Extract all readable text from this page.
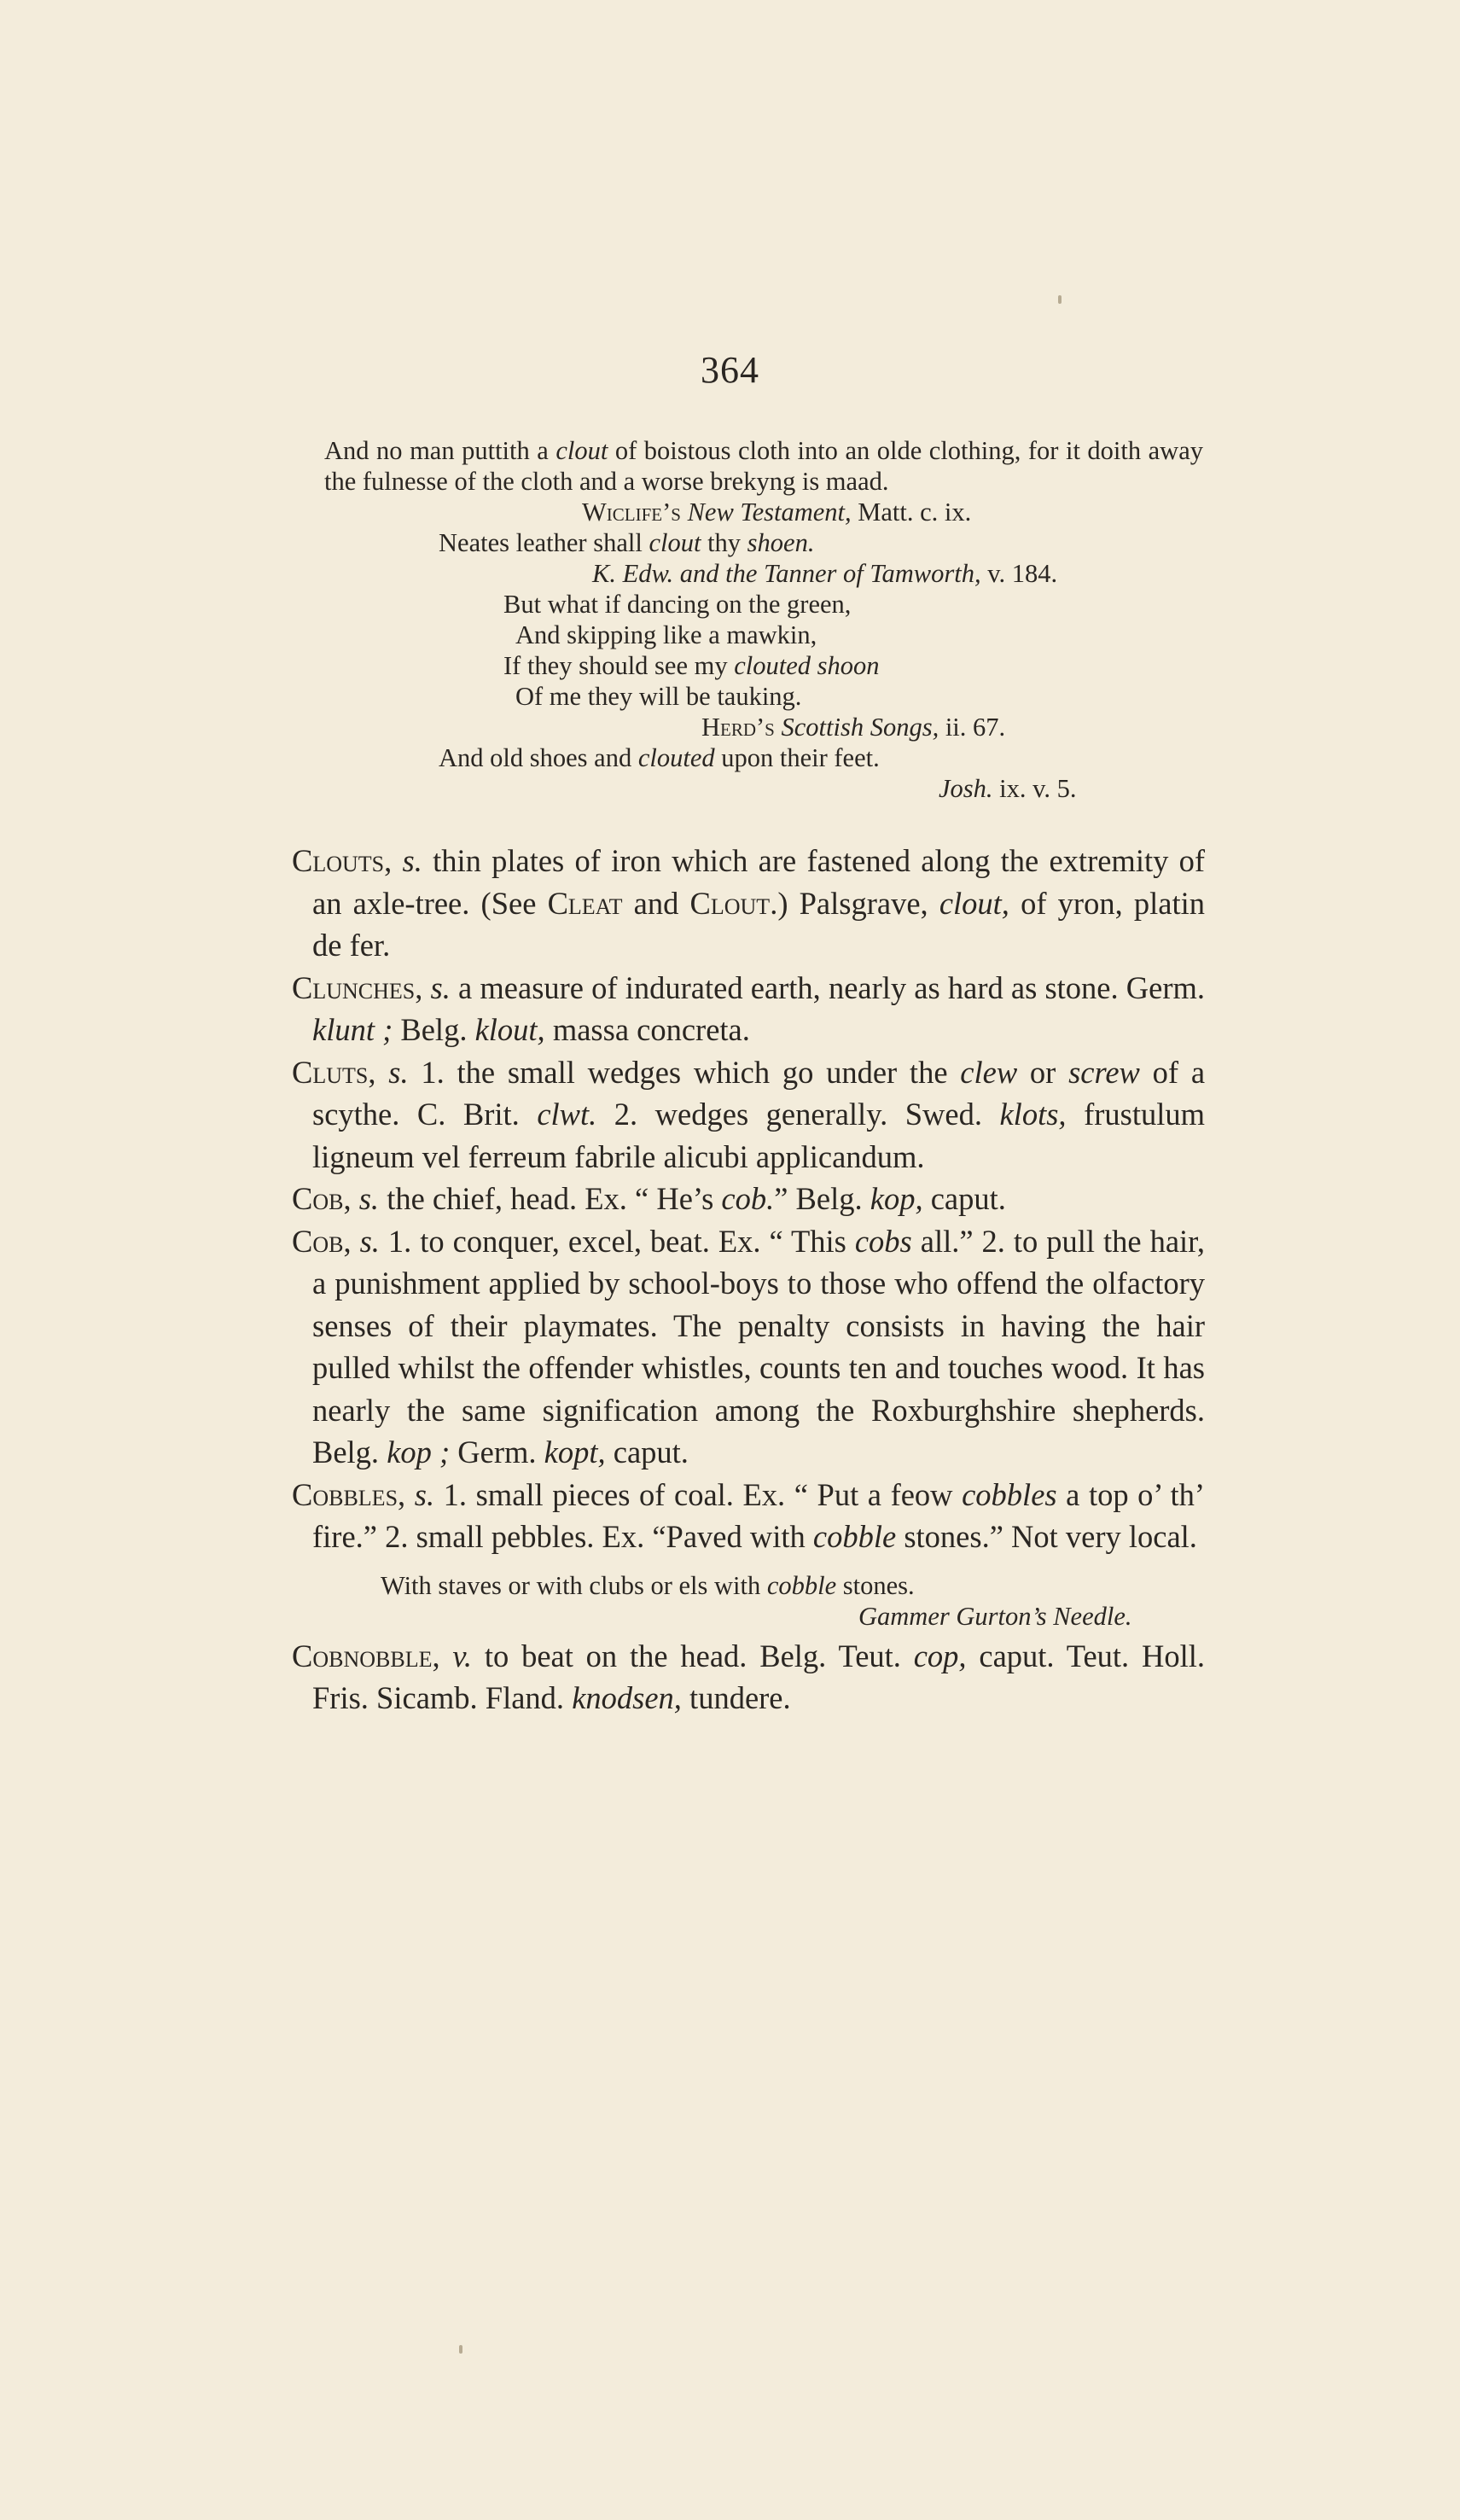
364

And no man puttith a clout of boistous cloth into an olde clothing, for it doith away the fulnesse of the cloth and a worse brekyng is maad.

Wiclife’s New Testament, Matt. c. ix.

Neates leather shall clout thy shoen.

K. Edw. and the Tanner of Tamworth, v. 184.

But what if dancing on the green,

And skipping like a mawkin,

If they should see my clouted shoon

Of me they will be tauking.

Herd’s Scottish Songs, ii. 67.

And old shoes and clouted upon their feet.

Josh. ix. v. 5.

Clouts, s. thin plates of iron which are fastened along the extremity of an axle-tree. (See Cleat and Clout.) Palsgrave, clout, of yron, platin de fer.

Clunches, s. a measure of indurated earth, nearly as hard as stone. Germ. klunt ; Belg. klout, massa concreta.

Cluts, s. 1. the small wedges which go under the clew or screw of a scythe. C. Brit. clwt. 2. wedges generally. Swed. klots, frustulum ligneum vel ferreum fabrile alicubi applicandum.

Cob, s. the chief, head. Ex. “ He’s cob.” Belg. kop, caput.

Cob, s. 1. to conquer, excel, beat. Ex. “ This cobs all.” 2. to pull the hair, a punishment applied by school-boys to those who offend the olfactory senses of their playmates. The penalty consists in having the hair pulled whilst the offender whistles, counts ten and touches wood. It has nearly the same signification among the Roxburghshire shepherds. Belg. kop ; Germ. kopt, caput.

Cobbles, s. 1. small pieces of coal. Ex. “ Put a feow cobbles a top o’ th’ fire.” 2. small pebbles. Ex. “Paved with cobble stones.” Not very local.

With staves or with clubs or els with cobble stones.

Gammer Gurton’s Needle.

Cobnobble, v. to beat on the head. Belg. Teut. cop, caput. Teut. Holl. Fris. Sicamb. Fland. knodsen, tundere.
